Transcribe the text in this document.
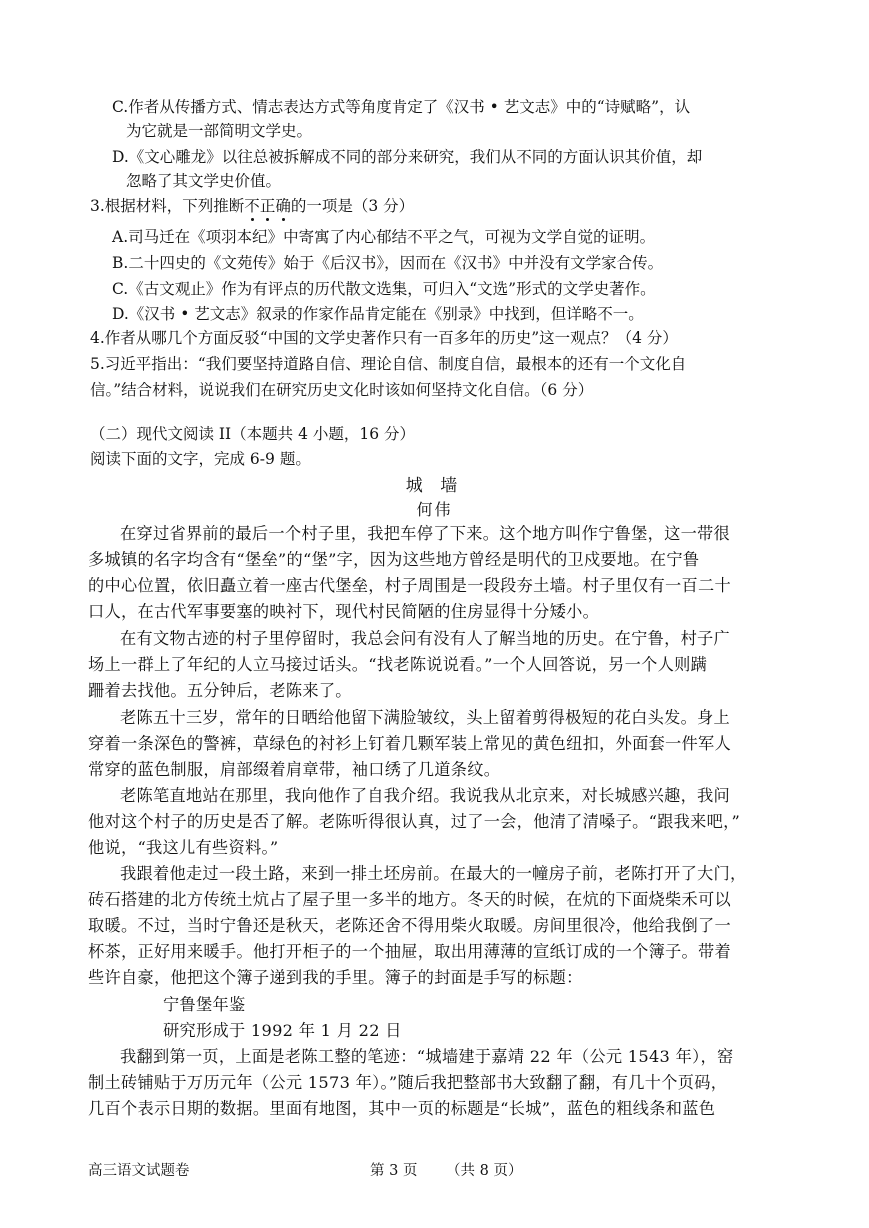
C.作者从传播方式、情志表达方式等角度肯定了《汉书 • 艺文志》中的“诗赋略”，认
为它就是一部简明文学史。
D.《文心雕龙》以往总被拆解成不同的部分来研究，我们从不同的方面认识其价值，却
忽略了其文学史价值。
3.根据材料，下列推断不正确的一项是（3 分）
A.司马迁在《项羽本纪》中寄寓了内心郁结不平之气，可视为文学自觉的证明。
B.二十四史的《文苑传》始于《后汉书》，因而在《汉书》中并没有文学家合传。
C.《古文观止》作为有评点的历代散文选集，可归入“文选”形式的文学史著作。
D.《汉书 • 艺文志》叙录的作家作品肯定能在《别录》中找到，但详略不一。
4.作者从哪几个方面反驳“中国的文学史著作只有一百多年的历史”这一观点？（4 分）
5.习近平指出：“我们要坚持道路自信、理论自信、制度自信，最根本的还有一个文化自
信。”结合材料，说说我们在研究历史文化时该如何坚持文化自信。（6 分）
（二）现代文阅读 II（本题共 4 小题，16 分）
阅读下面的文字，完成 6-9 题。
城 墙
何伟
在穿过省界前的最后一个村子里，我把车停了下来。这个地方叫作宁鲁堡，这一带很
多城镇的名字均含有“堡垒”的“堡”字，因为这些地方曾经是明代的卫戍要地。在宁鲁
的中心位置，依旧矗立着一座古代堡垒，村子周围是一段段夯土墙。村子里仅有一百二十
口人，在古代军事要塞的映衬下，现代村民简陋的住房显得十分矮小。
在有文物古迹的村子里停留时，我总会问有没有人了解当地的历史。在宁鲁，村子广
场上一群上了年纪的人立马接过话头。“找老陈说说看。”一个人回答说，另一个人则蹒
跚着去找他。五分钟后，老陈来了。
老陈五十三岁，常年的日晒给他留下满脸皱纹，头上留着剪得极短的花白头发。身上
穿着一条深色的警裤，草绿色的衬衫上钉着几颗军装上常见的黄色纽扣，外面套一件军人
常穿的蓝色制服，肩部缀着肩章带，袖口绣了几道条纹。
老陈笔直地站在那里，我向他作了自我介绍。我说我从北京来，对长城感兴趣，我问
他对这个村子的历史是否了解。老陈听得很认真，过了一会，他清了清嗓子。“跟我来吧，”
他说，“我这儿有些资料。”
我跟着他走过一段土路，来到一排土坯房前。在最大的一幢房子前，老陈打开了大门，
砖石搭建的北方传统土炕占了屋子里一多半的地方。冬天的时候，在炕的下面烧柴禾可以
取暖。不过，当时宁鲁还是秋天，老陈还舍不得用柴火取暖。房间里很冷，他给我倒了一
杯茶，正好用来暖手。他打开柜子的一个抽屉，取出用薄薄的宣纸订成的一个簿子。带着
些许自豪，他把这个簿子递到我的手里。簿子的封面是手写的标题：
宁鲁堡年鉴
研究形成于 1992 年 1 月 22 日
我翻到第一页，上面是老陈工整的笔迹：“城墙建于嘉靖 22 年（公元 1543 年），窑
制土砖铺贴于万历元年（公元 1573 年）。”随后我把整部书大致翻了翻，有几十个页码，
几百个表示日期的数据。里面有地图，其中一页的标题是“长城”，蓝色的粗线条和蓝色
高三语文试题卷	第 3 页 （共 8 页）
